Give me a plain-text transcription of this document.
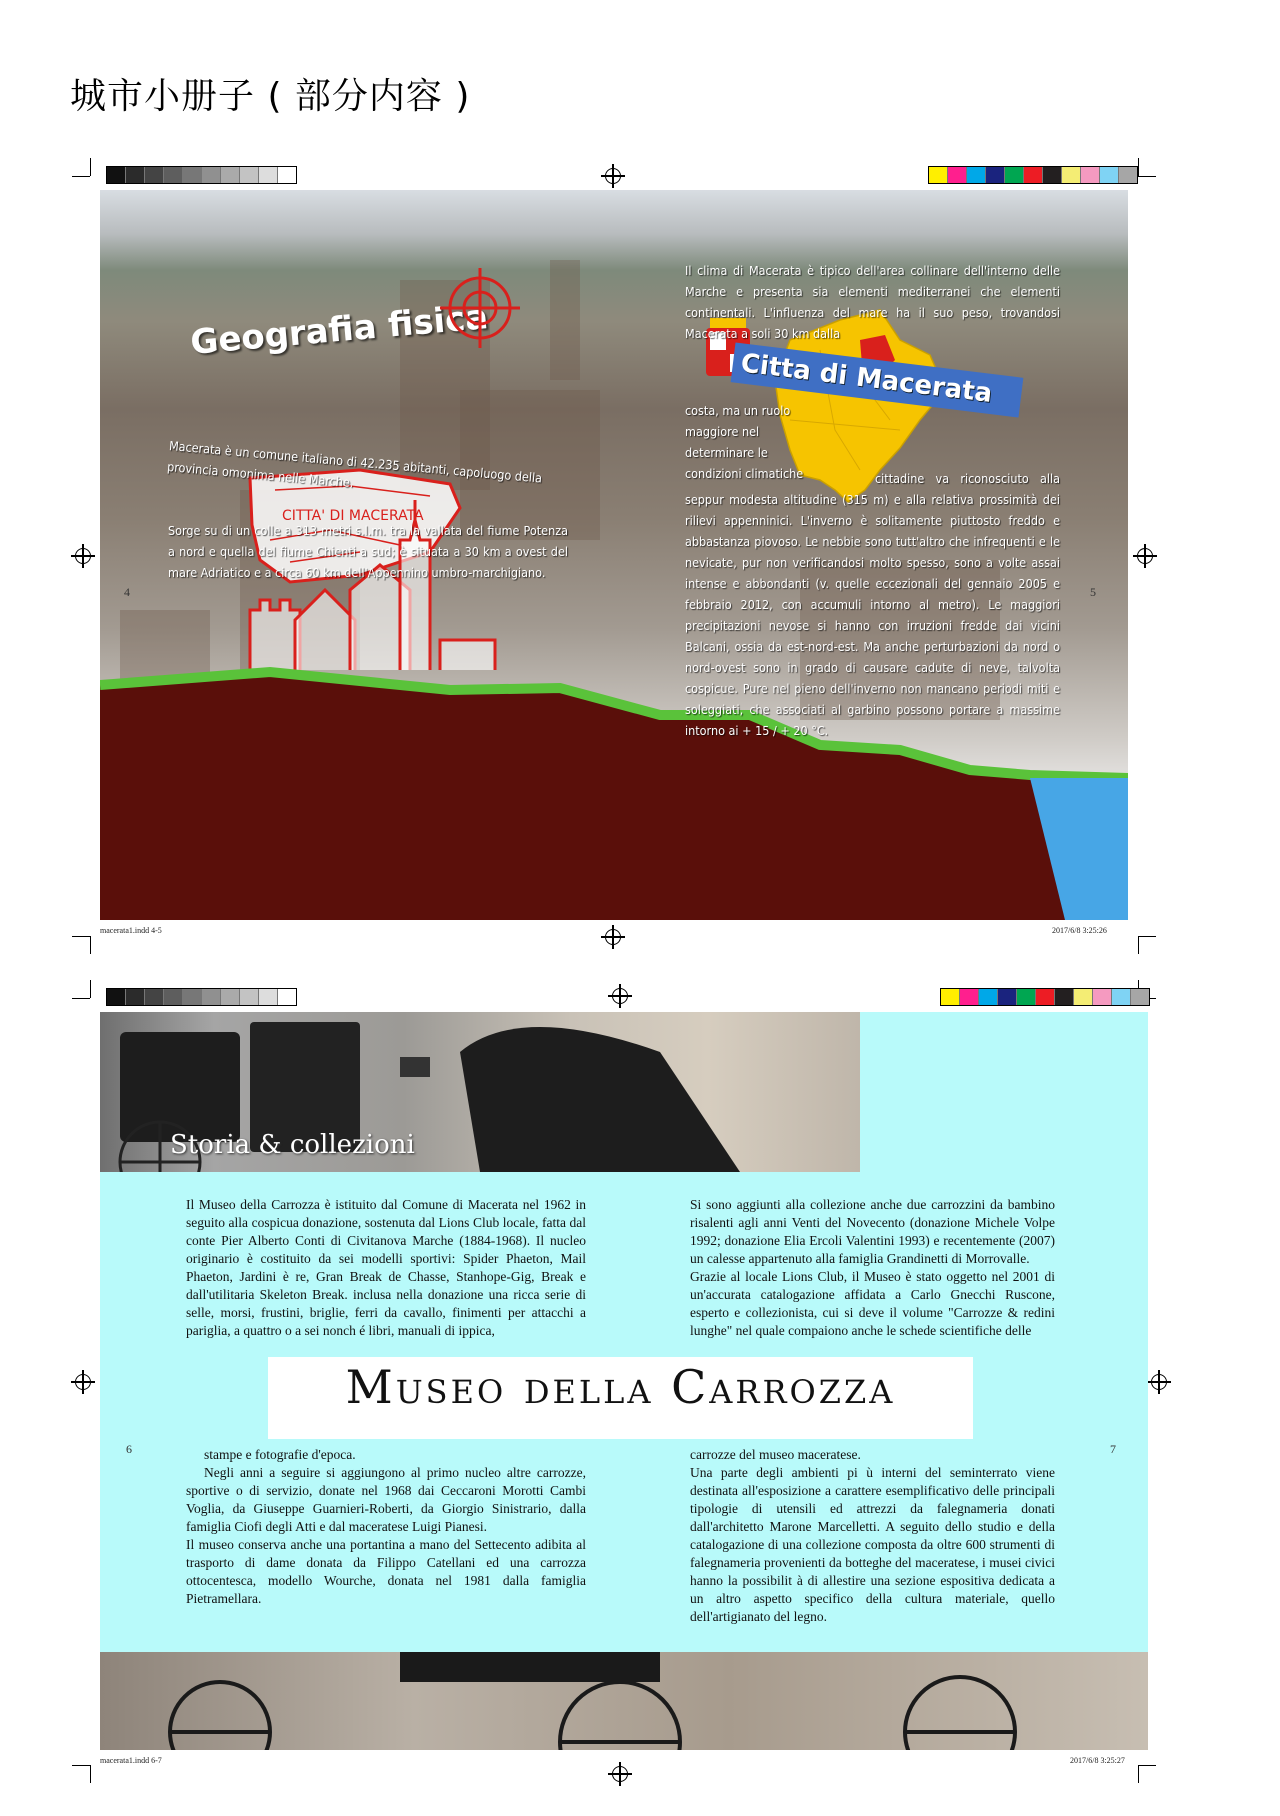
城市小册子 ( 部分内容 )
macerata1.indd 4-5	2017/6/8 3:25:26
Geografia fisica
CITTA' DI MACERATA
Citta di Macerata
Macerata è un comune italiano di 42.235 abitanti, capoluogo della provincia omonima nelle Marche.
Sorge su di un colle a 313 metri s.l.m. tra la vallata del fiume Potenza a nord e quella del fiume Chienti a sud; è situata a 30 km a ovest del mare Adriatico e a circa 60 km dell'Appennino umbro-marchigiano.
Il clima di Macerata è tipico dell'area collinare dell'interno delle Marche e presenta sia elementi mediterranei che elementi continentali. L'influenza del mare ha il suo peso, trovandosi Macerata a soli 30 km dalla
costa, ma un ruolo maggiore nel determinare le condizioni climatiche	cittadine va riconosciuto alla seppur modesta altitudine (315 m) e alla relativa prossimità dei rilievi appenninici. L'inverno è solitamente piuttosto freddo e abbastanza piovoso. Le nebbie sono tutt'altro che infrequenti e le nevicate, pur non verificandosi molto spesso, sono a volte assai intense e abbondanti (v. quelle eccezionali del gennaio 2005 e febbraio 2012, con accumuli intorno al metro). Le maggiori precipitazioni nevose si hanno con irruzioni fredde dai vicini Balcani, ossia da est-nord-est. Ma anche perturbazioni da nord o nord-ovest sono in grado di causare cadute di neve, talvolta cospicue. Pure nel pieno dell'inverno non mancano periodi miti e soleggiati, che associati al garbino possono portare a massime intorno ai + 15 / + 20 °C.
4	5
macerata1.indd 6-7	2017/6/8 3:25:27
Storia & collezioni
Il Museo della Carrozza è istituito dal Comune di Macerata nel 1962 in seguito alla cospicua donazione, sostenuta dal Lions Club locale, fatta dal conte Pier Alberto Conti di Civitanova Marche (1884-1968). Il nucleo originario è costituito da sei modelli sportivi: Spider Phaeton, Mail Phaeton, Jardini è re, Gran Break de Chasse, Stanhope-Gig, Break e dall'utilitaria Skeleton Break. inclusa nella donazione una ricca serie di selle, morsi, frustini, briglie, ferri da cavallo, finimenti per attacchi a pariglia, a quattro o a sei nonch é libri, manuali di ippica,
stampe e fotografie d'epoca.
Negli anni a seguire si aggiungono al primo nucleo altre carrozze, sportive o di servizio, donate nel 1968 dai Ceccaroni Morotti Cambi Voglia, da Giuseppe Guarnieri-Roberti, da Giorgio Sinistrario, dalla famiglia Ciofi degli Atti e dal maceratese Luigi Pianesi.
Il museo conserva anche una portantina a mano del Settecento adibita al trasporto di dame donata da Filippo Catellani ed una carrozza ottocentesca, modello Wourche, donata nel 1981 dalla famiglia Pietramellara.
Si sono aggiunti alla collezione anche due carrozzini da bambino risalenti agli anni Venti del Novecento (donazione Michele Volpe 1992; donazione Elia Ercoli Valentini 1993) e recentemente (2007) un calesse appartenuto alla famiglia Grandinetti di Morrovalle.
Grazie al locale Lions Club, il Museo è stato oggetto nel 2001 di un'accurata catalogazione affidata a Carlo Gnecchi Ruscone, esperto e collezionista, cui si deve il volume "Carrozze & redini lunghe" nel quale compaiono anche le schede scientifiche delle
carrozze del museo maceratese.
Una parte degli ambienti pi ù interni del seminterrato viene destinata all'esposizione a carattere esemplificativo delle principali tipologie di utensili ed attrezzi da falegnameria donati dall'architetto Marone Marcelletti. A seguito dello studio e della catalogazione di una collezione composta da oltre 600 strumenti di falegnameria provenienti da botteghe del maceratese, i musei civici hanno la possibilit à di allestire una sezione espositiva dedicata a un altro aspetto specifico della cultura materiale, quello dell'artigianato del legno.
Museo della Carrozza
6	7
